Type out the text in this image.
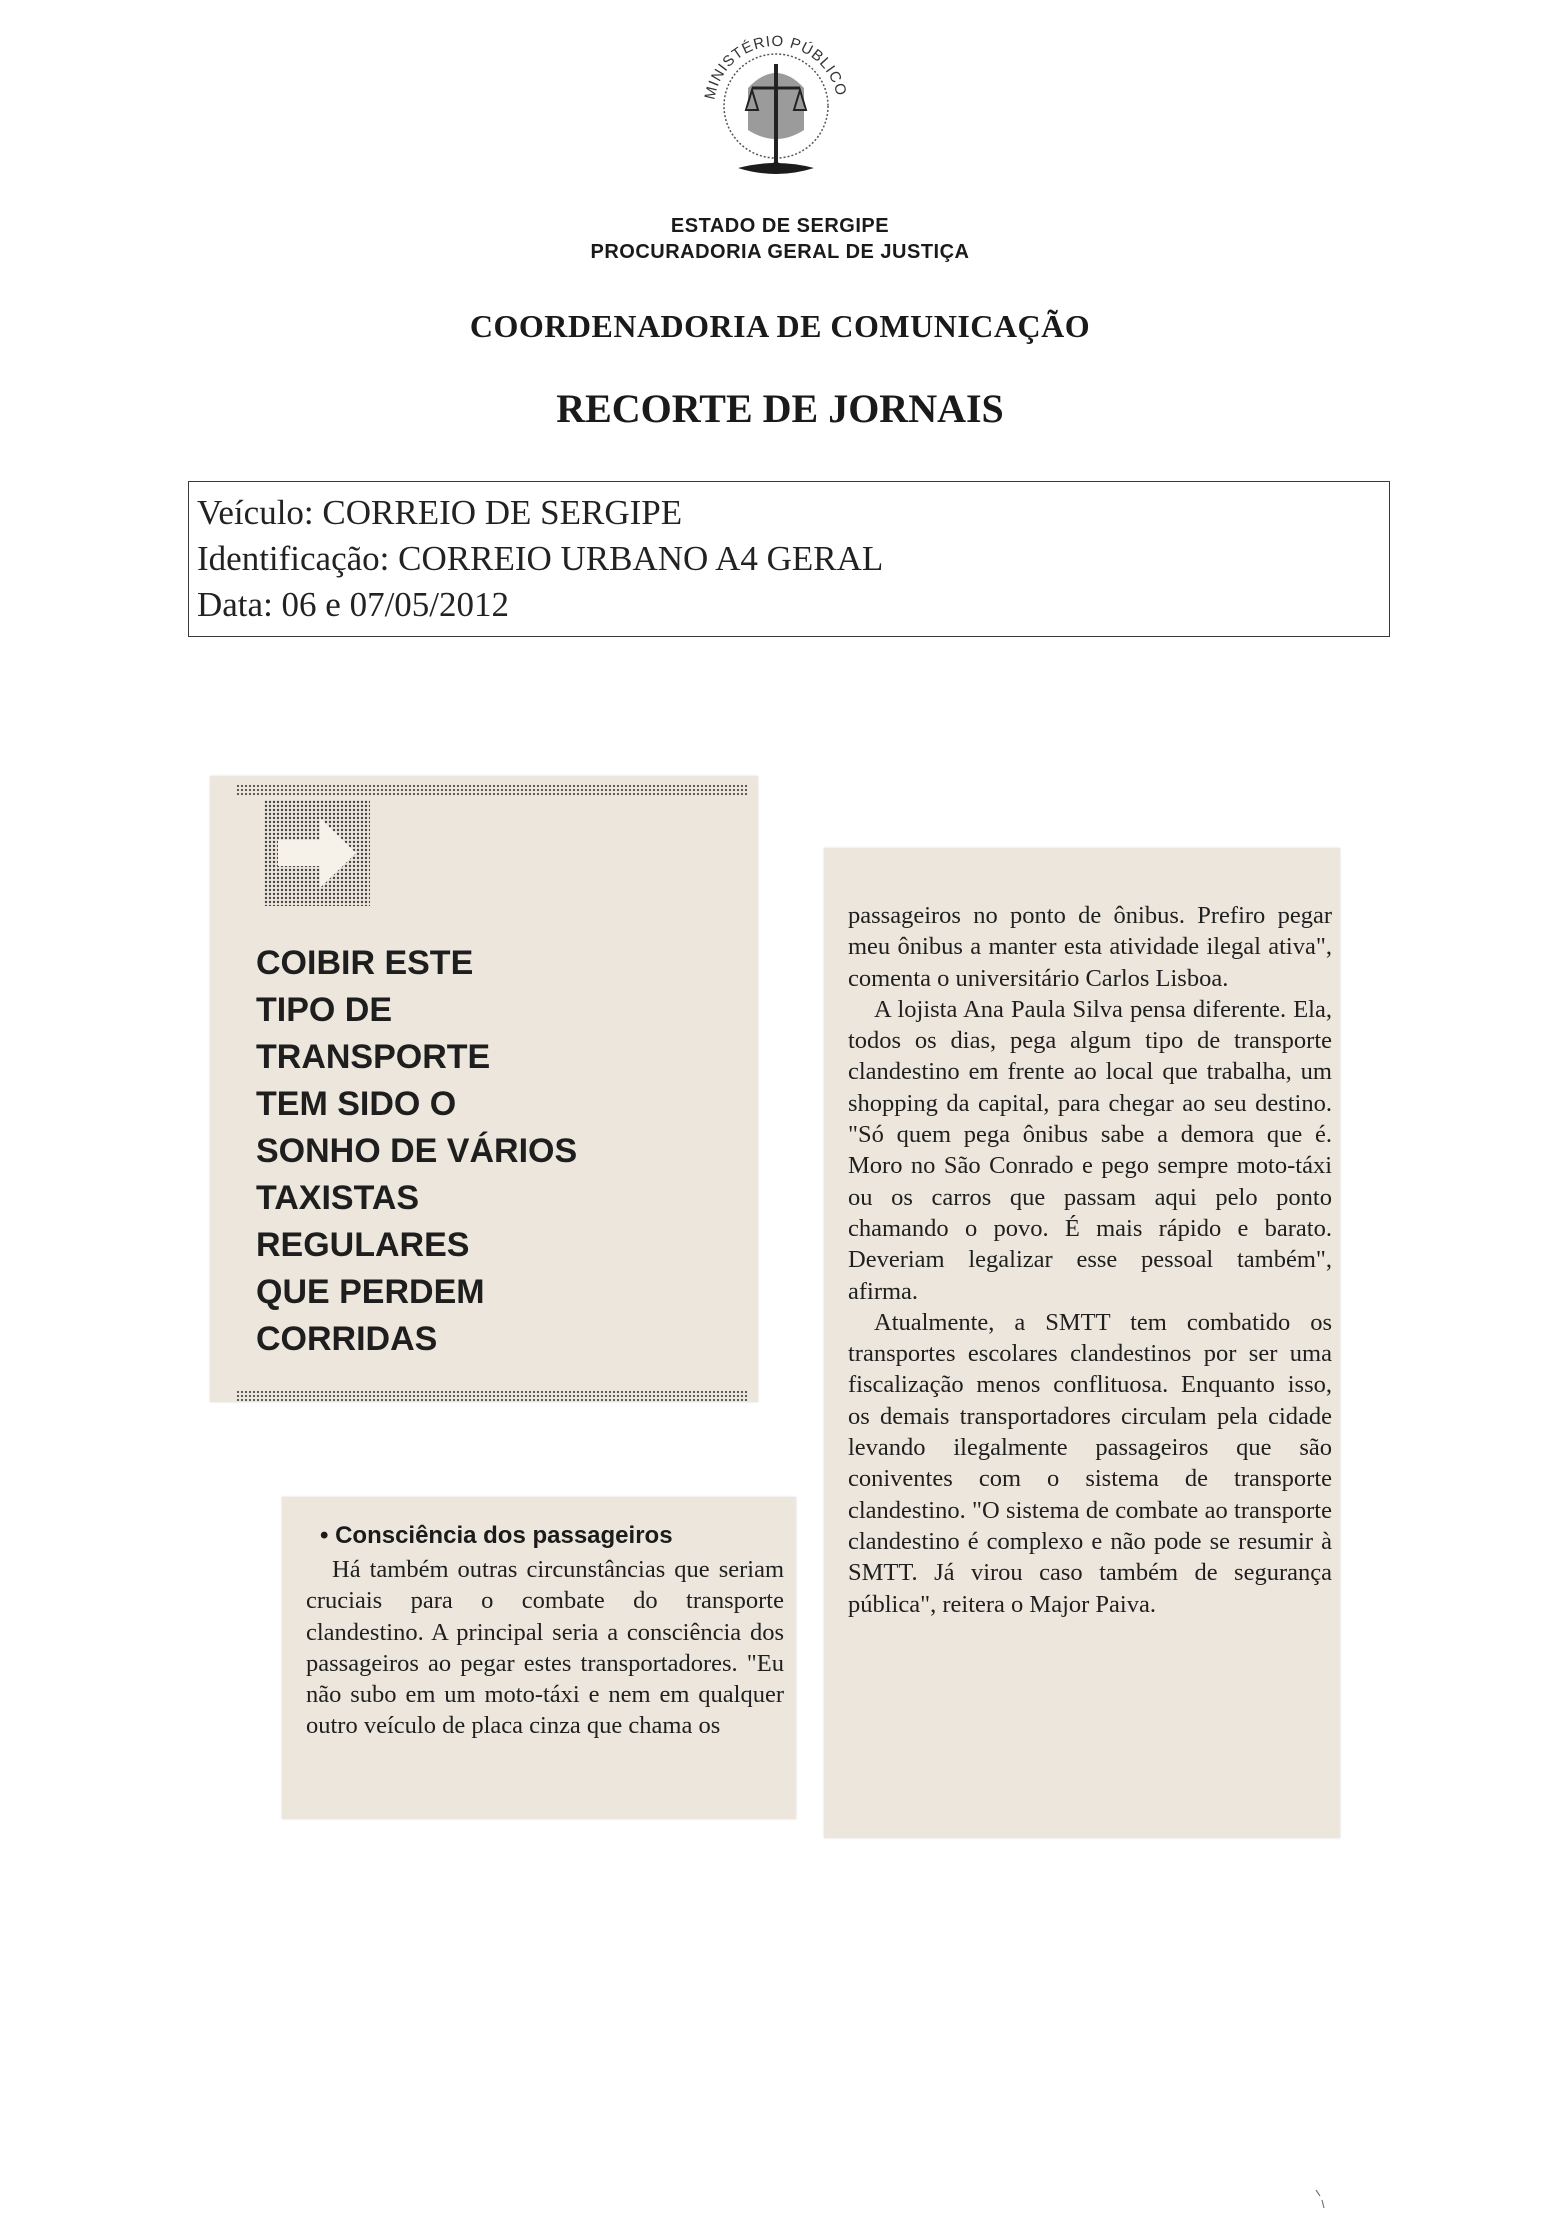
MINISTÉRIO PÚBLICO
ESTADO DE SERGIPE
PROCURADORIA GERAL DE JUSTIÇA
COORDENADORIA DE COMUNICAÇÃO
RECORTE DE JORNAIS
Veículo: CORREIO DE SERGIPE
Identificação: CORREIO URBANO A4 GERAL
Data: 06 e 07/05/2012
COIBIR ESTE
TIPO DE
TRANSPORTE
TEM SIDO O
SONHO DE VÁRIOS
TAXISTAS
REGULARES
QUE PERDEM
CORRIDAS
• Consciência dos passageiros

Há também outras circunstâncias que seriam cruciais para o combate do transporte clandestino. A principal seria a consciência dos passageiros ao pegar estes transportadores. "Eu não subo em um moto-táxi e nem em qualquer outro veículo de placa cinza que chama os

passageiros no ponto de ônibus. Prefiro pegar meu ônibus a manter esta atividade ilegal ativa", comenta o universitário Carlos Lisboa.

A lojista Ana Paula Silva pensa diferente. Ela, todos os dias, pega algum tipo de transporte clandestino em frente ao local que trabalha, um shopping da capital, para chegar ao seu destino. "Só quem pega ônibus sabe a demora que é. Moro no São Conrado e pego sempre moto-táxi ou os carros que passam aqui pelo ponto chamando o povo. É mais rápido e barato. Deveriam legalizar esse pessoal também", afirma.

Atualmente, a SMTT tem combatido os transportes escolares clandestinos por ser uma fiscalização menos conflituosa. Enquanto isso, os demais transportadores circulam pela cidade levando ilegalmente passageiros que são coniventes com o sistema de transporte clandestino. "O sistema de combate ao transporte clandestino é complexo e não pode se resumir à SMTT. Já virou caso também de segurança pública", reitera o Major Paiva.
